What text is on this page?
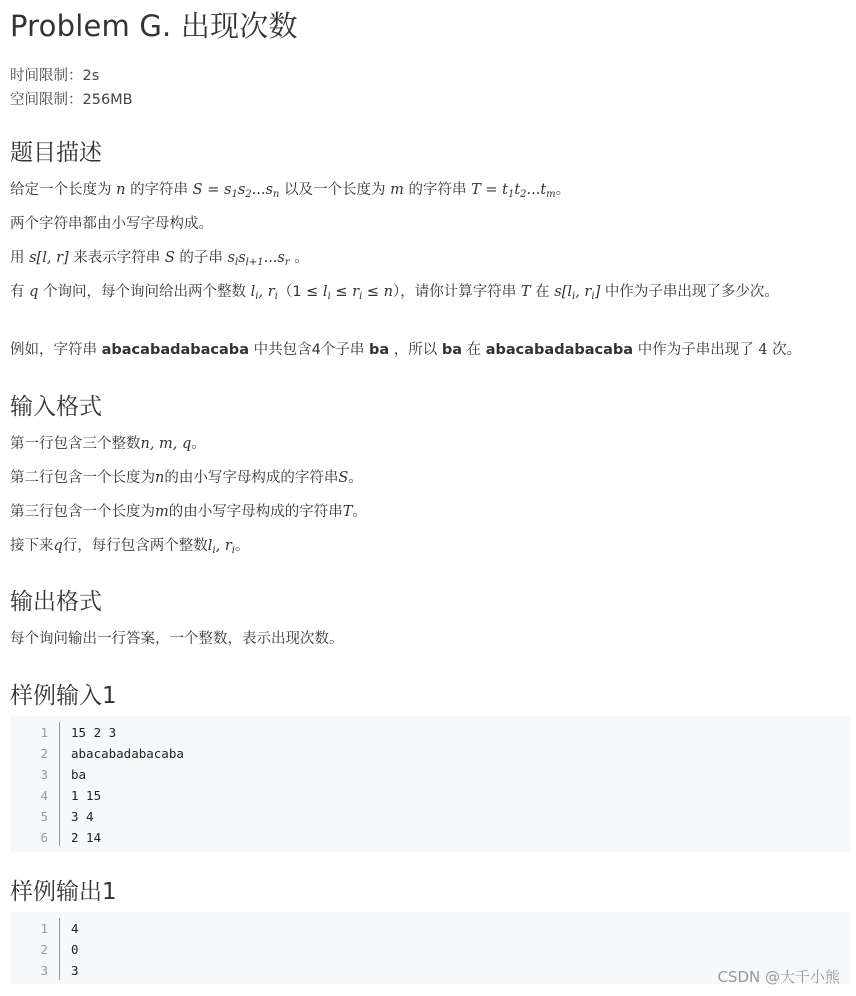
Problem G. 出现次数
时间限制：2s
空间限制：256MB
题目描述
给定一个长度为 n 的字符串 $S = s_1s_2...s_n$ 以及一个长度为 m 的字符串 $T = t_1t_2...t_m$。
两个字符串都由小写字母构成。
用 s[l, r] 来表示字符串 S 的子串 $s_ls_{l+1}...s_r$ 。
有 q 个询问，每个询问给出两个整数 $l_i$, $r_i(1 \le l_i \le r_i \le n)$，请你计算字符串 T 在 $s[l_i$, $r_i$] 中作为子串出现了多少次。
例如，字符串 abacabadabacaba 中共包含4个子串 ba ，所以 ba 在 abacabadabacaba 中作为子串出现了 4 次。
输入格式
第一行包含三个整数n, m, q。
第二行包含一个长度为n的由小写字母构成的字符串S。
第三行包含一个长度为m的由小写字母构成的字符串T。
接下来q行，每行包含两个整数$l_i$, $r_i$。
输出格式
每个询问输出一行答案，一个整数，表示出现次数。
样例输入1
1 15 2 3
2 abacabadabacaba
3 ba
4 1 15
5 3 4
6 2 14
样例输出1
1 4
2 0
3 3	CSDN @大千小熊
